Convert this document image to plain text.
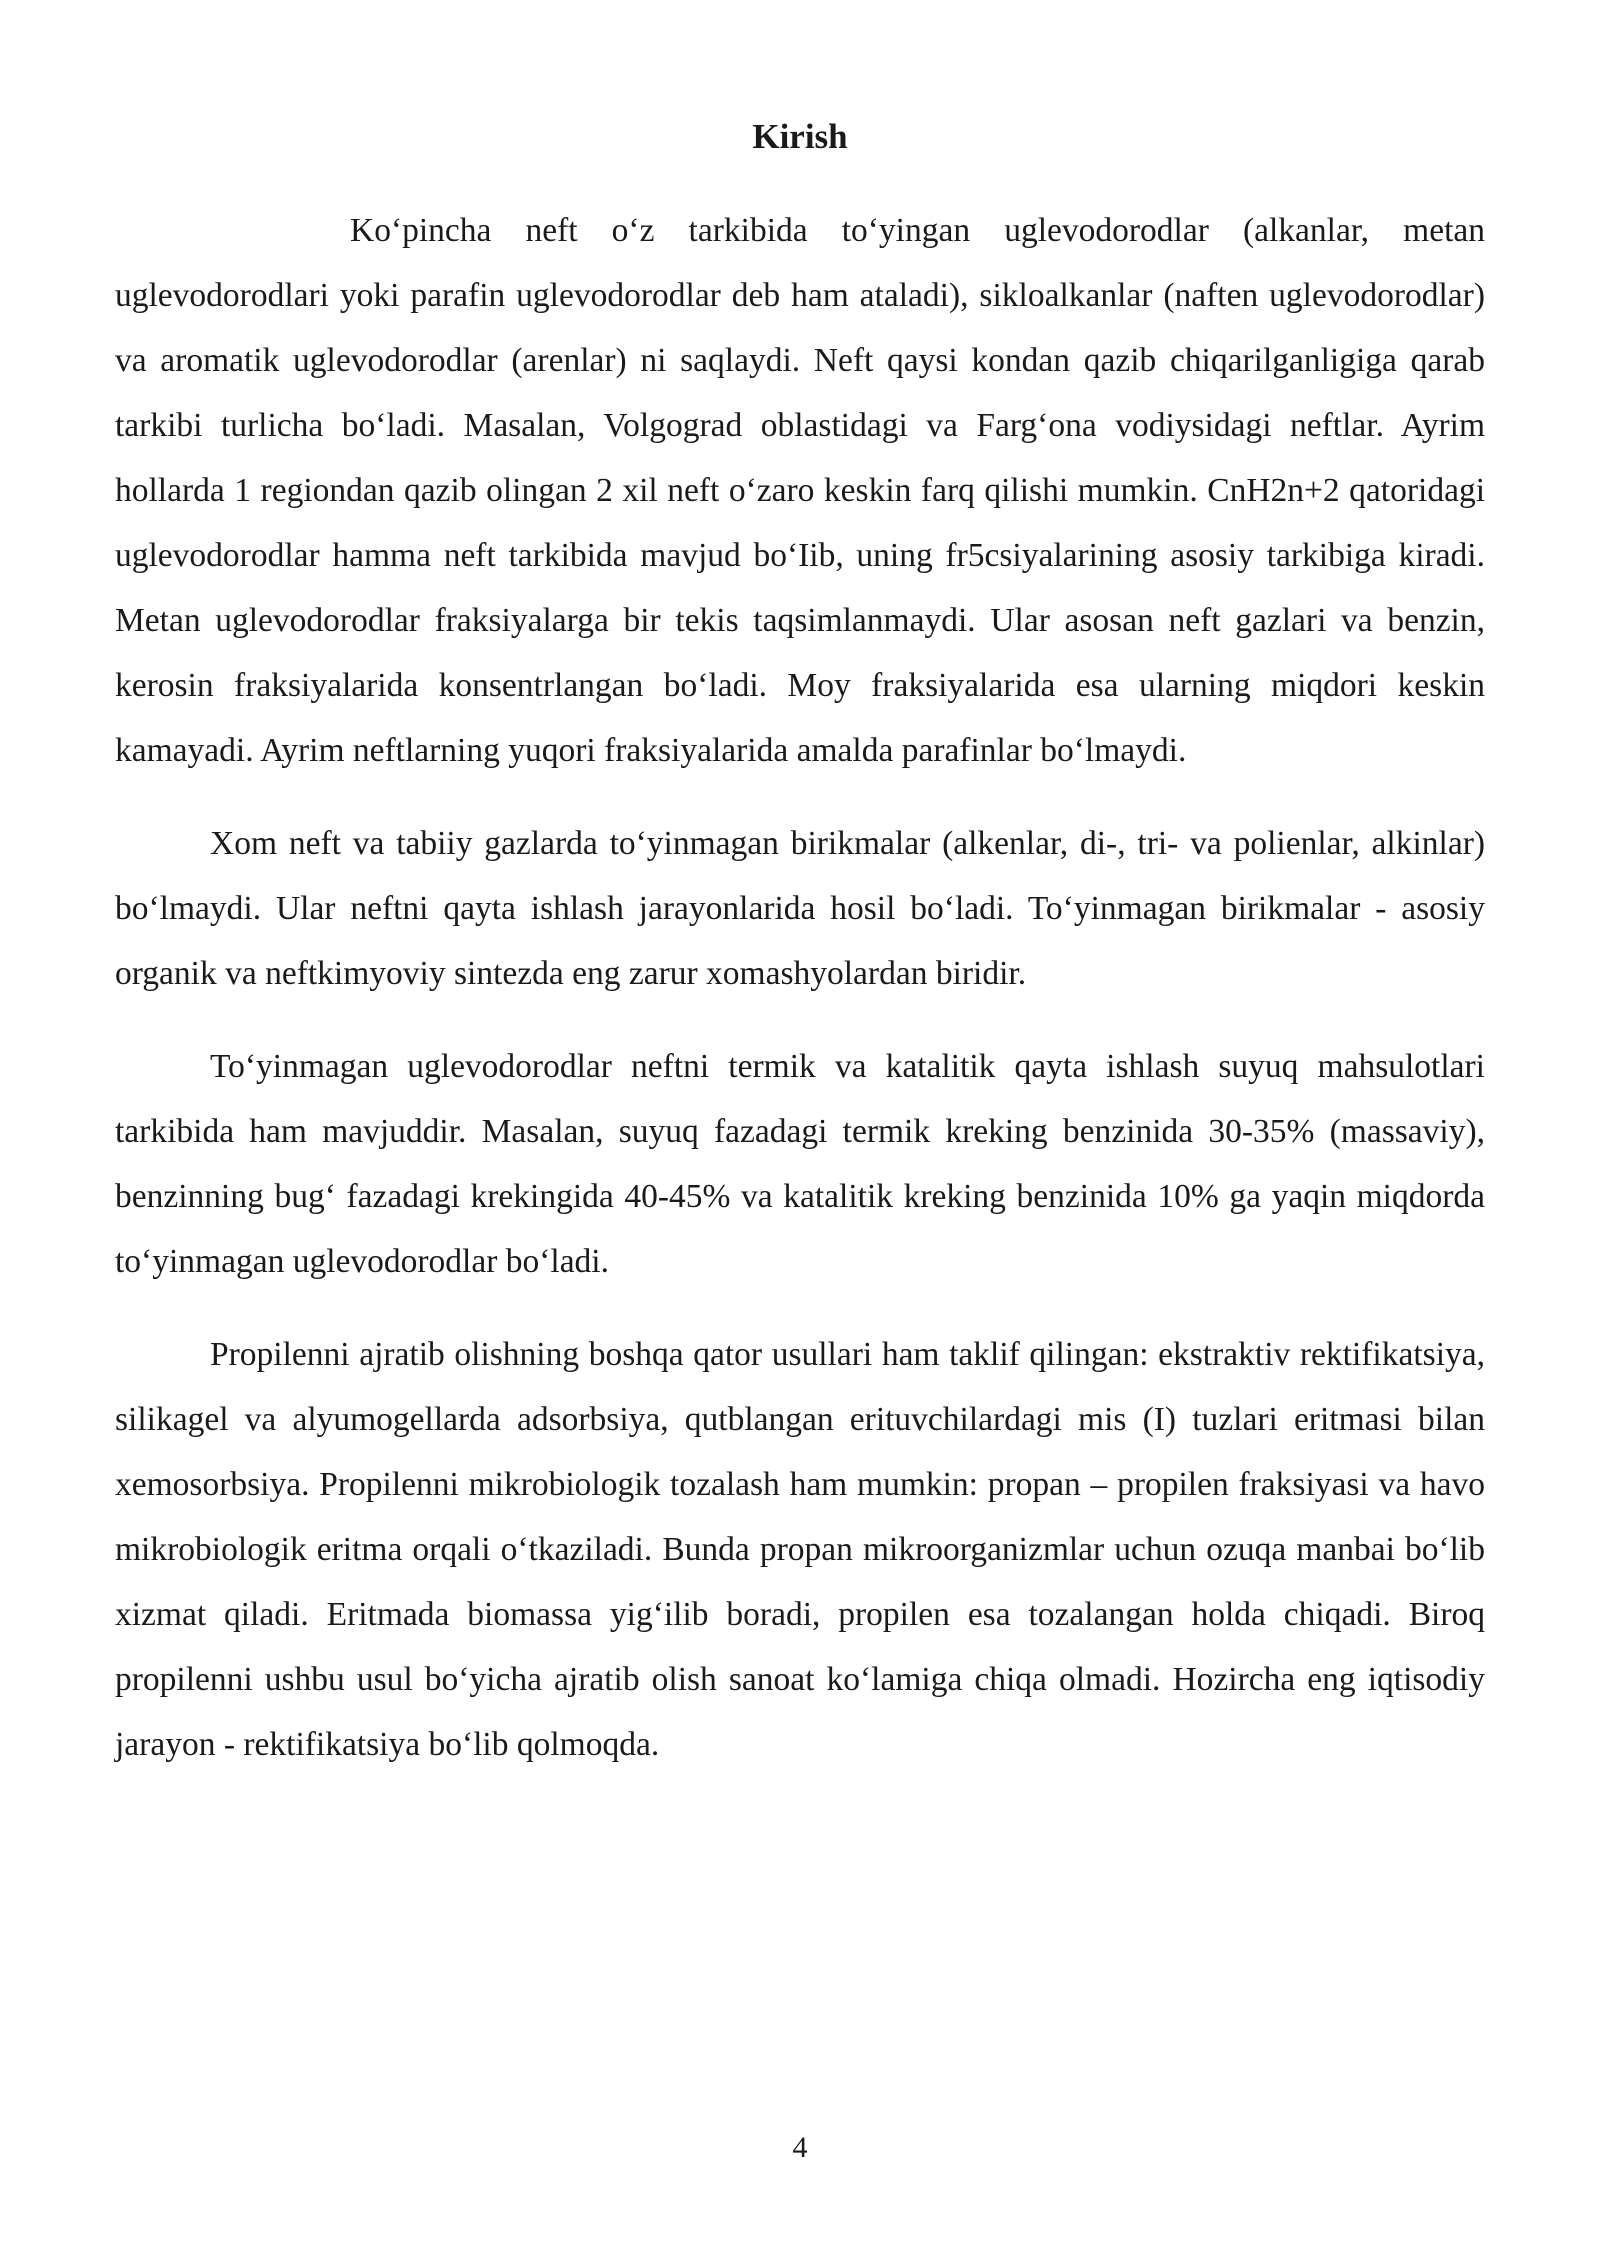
Kirish

Ko‘pincha neft o‘z tarkibida to‘yingan uglevodorodlar (alkanlar, metan uglevodorodlari yoki parafin uglevodorodlar deb ham ataladi), sikloalkanlar (naften uglevodorodlar) va aromatik uglevodorodlar (arenlar) ni saqlaydi. Neft qaysi kondan qazib chiqarilganligiga qarab tarkibi turlicha bo‘ladi. Masalan, Volgograd oblastidagi va Farg‘ona vodiysidagi neftlar. Ayrim hollarda 1 regiondan qazib olingan 2 xil neft o‘zaro keskin farq qilishi mumkin. CnH2n+2 qatoridagi uglevodorodlar hamma neft tarkibida mavjud bo‘Iib, uning fr5csiyalarining asosiy tarkibiga kiradi. Metan uglevodorodlar fraksiyalarga bir tekis taqsimlanmaydi. Ular asosan neft gazlari va benzin, kerosin fraksiyalarida konsentrlangan bo‘ladi. Moy fraksiyalarida esa ularning miqdori keskin kamayadi. Ayrim neftlarning yuqori fraksiyalarida amalda parafinlar bo‘lmaydi.

Xom neft va tabiiy gazlarda to‘yinmagan birikmalar (alkenlar, di-, tri- va polienlar, alkinlar) bo‘lmaydi. Ular neftni qayta ishlash jarayonlarida hosil bo‘ladi. To‘yinmagan birikmalar - asosiy organik va neftkimyoviy sintezda eng zarur xomashyolardan biridir.

To‘yinmagan uglevodorodlar neftni termik va katalitik qayta ishlash suyuq mahsulotlari tarkibida ham mavjuddir. Masalan, suyuq fazadagi termik kreking benzinida 30-35% (massaviy), benzinning bug‘ fazadagi krekingida 40-45% va katalitik kreking benzinida 10% ga yaqin miqdorda to‘yinmagan uglevodorodlar bo‘ladi.

Propilenni ajratib olishning boshqa qator usullari ham taklif qilingan: ekstraktiv rektifikatsiya, silikagel va alyumogellarda adsorbsiya, qutblangan erituvchilardagi mis (I) tuzlari eritmasi bilan xemosorbsiya. Propilenni mikrobiologik tozalash ham mumkin: propan – propilen fraksiyasi va havo mikrobiologik eritma orqali o‘tkaziladi. Bunda propan mikroorganizmlar uchun ozuqa manbai bo‘lib xizmat qiladi. Eritmada biomassa yig‘ilib boradi, propilen esa tozalangan holda chiqadi. Biroq propilenni ushbu usul bo‘yicha ajratib olish sanoat ko‘lamiga chiqa olmadi. Hozircha eng iqtisodiy jarayon - rektifikatsiya bo‘lib qolmoqda.

4
